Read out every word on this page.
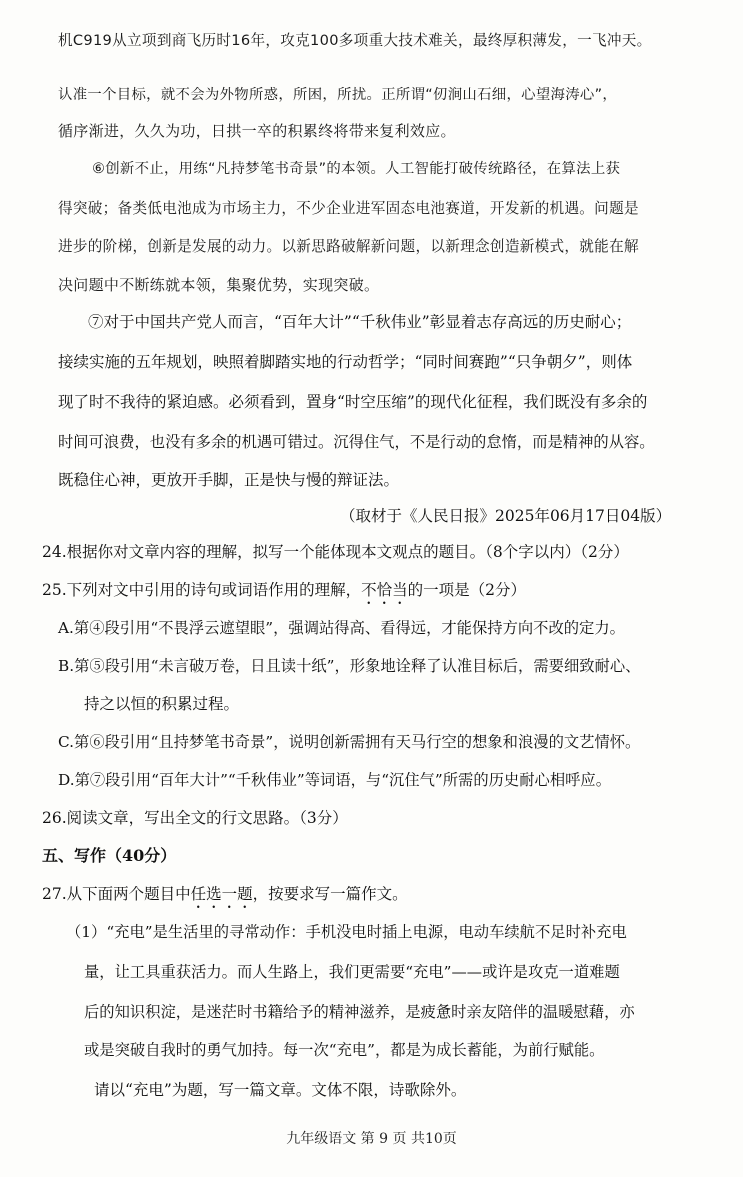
机C919从立项到商飞历时16年，攻克100多项重大技术难关，最终厚积薄发，一飞冲天。
认准一个目标，就不会为外物所惑，所困，所扰。正所谓“仞涧山石细，心望海涛心”，
循序渐进，久久为功，日拱一卒的积累终将带来复利效应。
⑥创新不止，用练“凡持梦笔书奇景”的本领。人工智能打破传统路径，在算法上获
得突破；备类低电池成为市场主力，不少企业进军固态电池赛道，开发新的机遇。问题是
进步的阶梯，创新是发展的动力。以新思路破解新问题，以新理念创造新模式，就能在解
决问题中不断练就本领，集聚优势，实现突破。
⑦对于中国共产党人而言，“百年大计”“千秋伟业”彰显着志存高远的历史耐心；
接续实施的五年规划，映照着脚踏实地的行动哲学；“同时间赛跑”“只争朝夕”，则体
现了时不我待的紧迫感。必须看到，置身“时空压缩”的现代化征程，我们既没有多余的
时间可浪费，也没有多余的机遇可错过。沉得住气，不是行动的怠惰，而是精神的从容。
既稳住心神，更放开手脚，正是快与慢的辩证法。
（取材于《人民日报》2025年06月17日04版）
24.根据你对文章内容的理解，拟写一个能体现本文观点的题目。（8个字以内）（2分）
25.下列对文中引用的诗句或词语作用的理解，不恰当的一项是（2分）
A.第④段引用“不畏浮云遮望眼”，强调站得高、看得远，才能保持方向不改的定力。
B.第⑤段引用“未言破万卷，日且读十纸”，形象地诠释了认准目标后，需要细致耐心、
持之以恒的积累过程。
C.第⑥段引用“且持梦笔书奇景”，说明创新需拥有天马行空的想象和浪漫的文艺情怀。
D.第⑦段引用“百年大计”“千秋伟业”等词语，与“沉住气”所需的历史耐心相呼应。
26.阅读文章，写出全文的行文思路。（3分）
五、写作（40分）
27.从下面两个题目中任选一题，按要求写一篇作文。
（1）“充电”是生活里的寻常动作：手机没电时插上电源，电动车续航不足时补充电
量，让工具重获活力。而人生路上，我们更需要“充电”——或许是攻克一道难题
后的知识积淀，是迷茫时书籍给予的精神滋养，是疲惫时亲友陪伴的温暖慰藉，亦
或是突破自我时的勇气加持。每一次“充电”，都是为成长蓄能，为前行赋能。
请以“充电”为题，写一篇文章。文体不限，诗歌除外。
九年级语文 第 9 页 共10页
